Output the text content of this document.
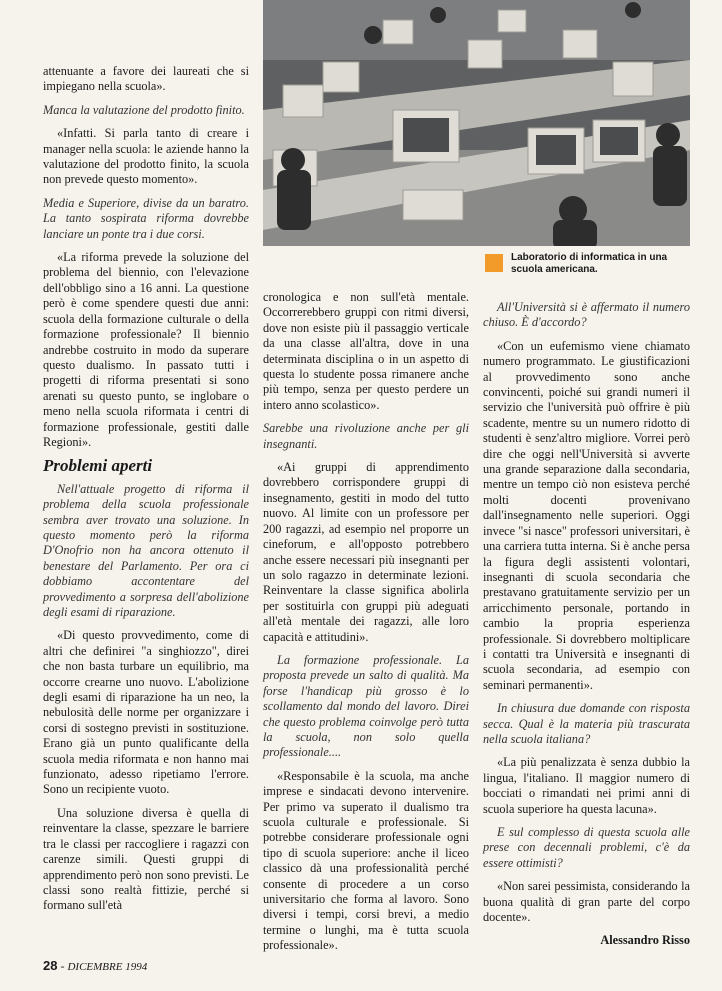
Laboratorio di informatica in una scuola americana.

attenuante a favore dei laureati che si impiegano nella scuola».

Manca la valutazione del prodotto finito.

«Infatti. Si parla tanto di creare i manager nella scuola: le aziende hanno la valutazione del prodotto finito, la scuola non prevede questo momento».

Media e Superiore, divise da un baratro. La tanto sospirata riforma dovrebbe lanciare un ponte tra i due corsi.

«La riforma prevede la soluzione del problema del biennio, con l'elevazione dell'obbligo sino a 16 anni. La questione però è come spendere questi due anni: scuola della formazione culturale o della formazione professionale? Il biennio andrebbe costruito in modo da superare questo dualismo. In passato tutti i progetti di riforma presentati si sono arenati su questo punto, se inglobare o meno nella scuola riformata i centri di formazione professionale, gestiti dalle Regioni».

Problemi aperti

Nell'attuale progetto di riforma il problema della scuola professionale sembra aver trovato una soluzione. In questo momento però la riforma D'Onofrio non ha ancora ottenuto il benestare del Parlamento. Per ora ci dobbiamo accontentare del provvedimento a sorpresa dell'abolizione degli esami di riparazione.

«Di questo provvedimento, come di altri che definirei "a singhiozzo", direi che non basta turbare un equilibrio, ma occorre crearne uno nuovo. L'abolizione degli esami di riparazione ha un neo, la nebulosità delle norme per organizzare i corsi di sostegno previsti in sostituzione. Erano già un punto qualificante della scuola media riformata e non hanno mai funzionato, adesso ripetiamo l'errore. Sono un recipiente vuoto.

Una soluzione diversa è quella di reinventare la classe, spezzare le barriere tra le classi per raccogliere i ragazzi con carenze simili. Questi gruppi di apprendimento però non sono previsti. Le classi sono realtà fittizie, perché si formano sull'età

cronologica e non sull'età mentale. Occorrerebbero gruppi con ritmi diversi, dove non esiste più il passaggio verticale da una classe all'altra, dove in una determinata disciplina o in un aspetto di questa lo studente possa rimanere anche più tempo, senza per questo perdere un intero anno scolastico».

Sarebbe una rivoluzione anche per gli insegnanti.

«Ai gruppi di apprendimento dovrebbero corrispondere gruppi di insegnamento, gestiti in modo del tutto nuovo. Al limite con un professore per 200 ragazzi, ad esempio nel proporre un cineforum, e all'opposto potrebbero anche essere necessari più insegnanti per un solo ragazzo in determinate lezioni. Reinventare la classe significa abolirla per sostituirla con gruppi più adeguati all'età mentale dei ragazzi, alle loro capacità e attitudini».

La formazione professionale. La proposta prevede un salto di qualità. Ma forse l'handicap più grosso è lo scollamento dal mondo del lavoro. Direi che questo problema coinvolge però tutta la scuola, non solo quella professionale....

«Responsabile è la scuola, ma anche imprese e sindacati devono intervenire. Per primo va superato il dualismo tra scuola culturale e professionale. Si potrebbe considerare professionale ogni tipo di scuola superiore: anche il liceo classico dà una professionalità perché consente di procedere a un corso universitario che forma al lavoro. Sono diversi i tempi, corsi brevi, a medio termine o lunghi, ma è tutta scuola professionale».

All'Università si è affermato il numero chiuso. È d'accordo?

«Con un eufemismo viene chiamato numero programmato. Le giustificazioni al provvedimento sono anche convincenti, poiché sui grandi numeri il servizio che l'università può offrire è più scadente, mentre su un numero ridotto di studenti è senz'altro migliore. Vorrei però dire che oggi nell'Università si avverte una grande separazione dalla secondaria, mentre un tempo ciò non esisteva perché molti docenti provenivano dall'insegnamento nelle superiori. Oggi invece "si nasce" professori universitari, è una carriera tutta interna. Si è anche persa la figura degli assistenti volontari, insegnanti di scuola secondaria che prestavano gratuitamente servizio per un arricchimento personale, portando in cambio la propria esperienza professionale. Si dovrebbero moltiplicare i contatti tra Università e insegnanti di scuola secondaria, ad esempio con seminari permanenti».

In chiusura due domande con risposta secca. Qual è la materia più trascurata nella scuola italiana?

«La più penalizzata è senza dubbio la lingua, l'italiano. Il maggior numero di bocciati o rimandati nei primi anni di scuola superiore ha questa lacuna».

E sul complesso di questa scuola alle prese con decennali problemi, c'è da essere ottimisti?

«Non sarei pessimista, considerando la buona qualità di gran parte del corpo docente».

Alessandro Risso
28 - DICEMBRE 1994
